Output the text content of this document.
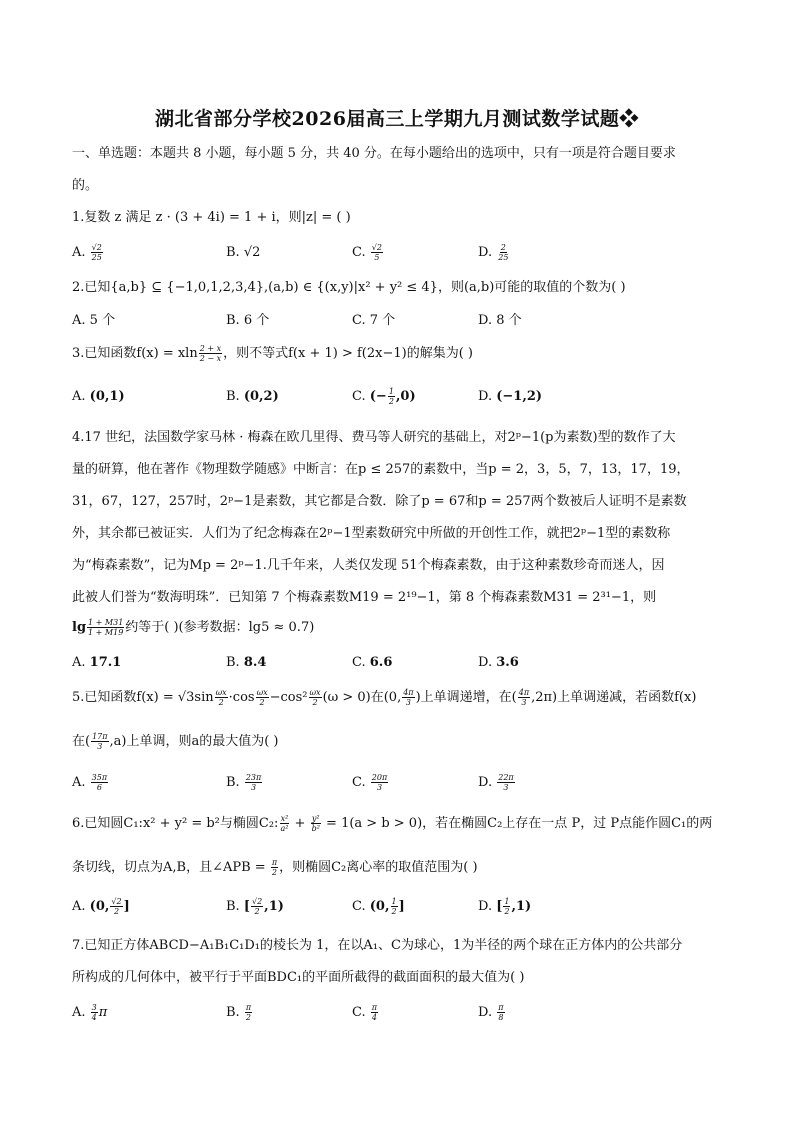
湖北省部分学校2026届高三上学期九月测试数学试题❖
一、单选题：本题共 8 小题，每小题 5 分，共 40 分。在每小题给出的选项中，只有一项是符合题目要求
的。
1.复数 z 满足 z · (3 + 4i) = 1 + i，则|z| = ( )
A. $\frac{√2}{25}$	B. √2	C. $\frac{√2}{5}$	D. $\frac{2}{25}$
2.已知{a,b} ⊆ {−1,0,1,2,3,4},(a,b) ∈ {(x,y)|x² + y² ≤ 4}，则(a,b)可能的取值的个数为( )
A. 5 个	B. 6 个	C. 7 个	D. 8 个
3.已知函数f(x) = xln $\frac{2 + x}{2 - x}$ ，则不等式f(x + 1) > f(2x−1)的解集为( )
A. (0,1)	B. (0,2)	C. (− $\frac{1}{2} ,0$)	D. (−1,2)
4.17 世纪，法国数学家马林 · 梅森在欧几里得、费马等人研究的基础上，对2ᵖ−1(p为素数)型的数作了大
量的研算，他在著作《物理数学随感》中断言：在p ≤ 257的素数中，当p = 2，3，5，7，13，17，19，
31，67，127，257时，2ᵖ−1是素数，其它都是合数．除了p = 67和p = 257两个数被后人证明不是素数
外，其余都已被证实．人们为了纪念梅森在2ᵖ−1型素数研究中所做的开创性工作，就把2ᵖ−1型的素数称
为“梅森素数”，记为Mp = 2ᵖ−1.几千年来，人类仅发现 51个梅森素数，由于这种素数珍奇而迷人，因
此被人们誉为“数海明珠”．已知第 7 个梅森素数M19 = 2¹⁹−1，第 8 个梅森素数M31 = 2³¹−1，则
$\lg \frac{1 + M31}{1 + M19}$ 约等于( )(参考数据：lg5 ≈ 0.7)
A. 17.1	B. 8.4	C. 6.6	D. 3.6
5.已知函数$f(x) = √3\sin \frac{\omega x}{2} \cdot\cos \frac{\omega x}{2} -\cos^2 \frac{\omega x}{2} (\omega > 0)$在(0, $\frac{4\pi}{3}$ )上单调递增，在( $\frac{4\pi}{3} ,2\pi$)上单调递减，若函数f(x)
在( $\frac{17\pi}{3} ,a$)上单调，则a的最大值为( )
A. $\frac{35\pi}{6}$	B. $\frac{23\pi}{3}$	C. $\frac{20\pi}{3}$	D. $\frac{22\pi}{3}$
6.已知圆C₁:x² + y² = b²与椭圆C₂: $\frac{\text{x²}}{\text{a²}} + \frac{\text{y²}}{\text{b²}} = 1(a > b > 0)$，若在椭圆C₂上存在一点 P，过 P点能作圆C₁的两
条切线，切点为A,B，且∠APB = $\frac{\pi}{2}$ ，则椭圆C₂离心率的取值范围为( )
A. (0, $\frac{√2}{2}$ ]	B. [ $\frac{√2}{2} ,1$)	C. (0, $\frac{1}{2}$ ]	D. [ $\frac{1}{2} ,1$)
7.已知正方体ABCD−A₁B₁C₁D₁的棱长为 1，在以A₁、C为球心，1为半径的两个球在正方体内的公共部分
所构成的几何体中，被平行于平面BDC₁的平面所截得的截面面积的最大值为( )
A. $\frac{3}{4}$ π	B. $\frac{\pi}{2}$	C. $\frac{\pi}{4}$	D. $\frac{\pi}{8}$
